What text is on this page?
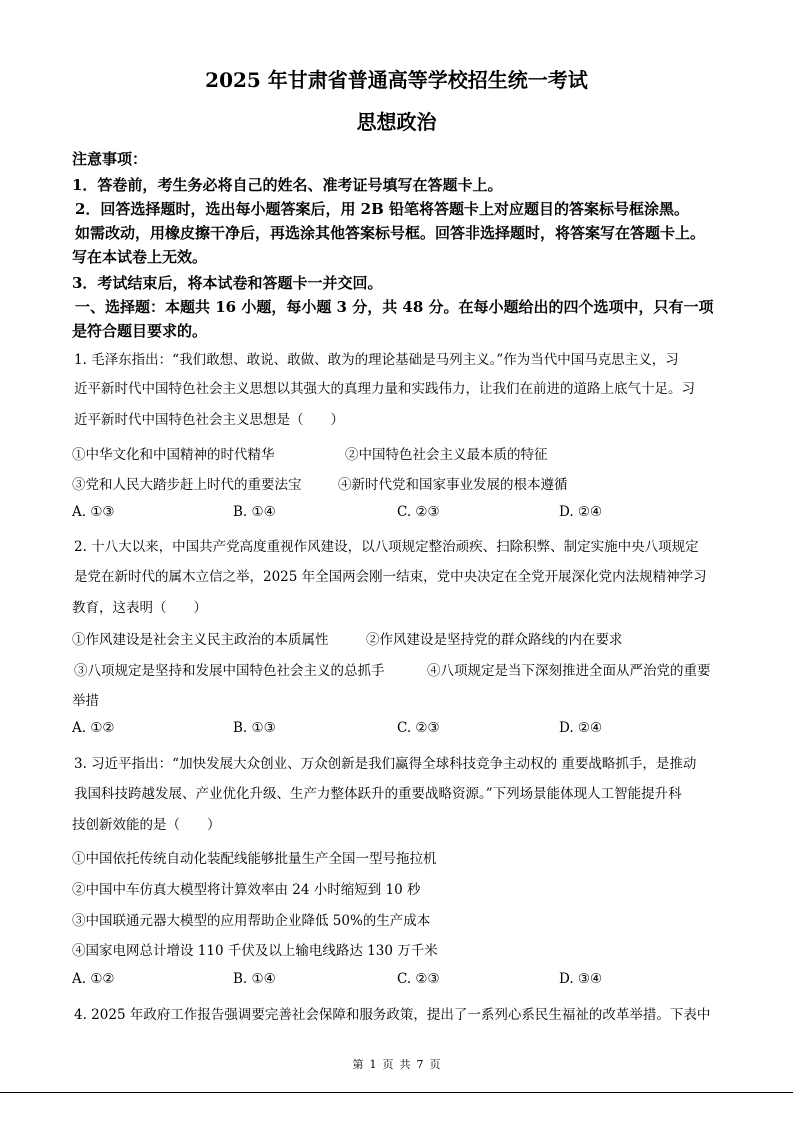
2025 年甘肃省普通高等学校招生统一考试
思想政治
注意事项：
1．答卷前，考生务必将自己的姓名、准考证号填写在答题卡上。
2．回答选择题时，选出每小题答案后，用 2B 铅笔将答题卡上对应题目的答案标号框涂黑。
如需改动，用橡皮擦干净后，再选涂其他答案标号框。回答非选择题时，将答案写在答题卡上。
写在本试卷上无效。
3．考试结束后，将本试卷和答题卡一并交回。
一、选择题：本题共 16 小题，每小题 3 分，共 48 分。在每小题给出的四个选项中，只有一项
是符合题目要求的。
1. 毛泽东指出：“我们敢想、敢说、敢做、敢为的理论基础是马列主义。”作为当代中国马克思主义，习
近平新时代中国特色社会主义思想以其强大的真理力量和实践伟力，让我们在前进的道路上底气十足。习
近平新时代中国特色社会主义思想是（　　）
①中华文化和中国精神的时代精华	②中国特色社会主义最本质的特征
③党和人民大踏步赶上时代的重要法宝	④新时代党和国家事业发展的根本遵循
A. ①③	B. ①④	C. ②③	D. ②④
2. 十八大以来，中国共产党高度重视作风建设，以八项规定整治顽疾、扫除积弊、制定实施中央八项规定
是党在新时代的属木立信之举，2025 年全国两会刚一结束，党中央决定在全党开展深化党内法规精神学习
教育，这表明（　　）
①作风建设是社会主义民主政治的本质属性	②作风建设是坚持党的群众路线的内在要求
③八项规定是坚持和发展中国特色社会主义的总抓手	④八项规定是当下深刻推进全面从严治党的重要
举措
A. ①②	B. ①③	C. ②③	D. ②④
3. 习近平指出：“加快发展大众创业、万众创新是我们赢得全球科技竞争主动权的 重要战略抓手，是推动
我国科技跨越发展、产业优化升级、生产力整体跃升的重要战略资源。”下列场景能体现人工智能提升科
技创新效能的是（　　）
①中国依托传统自动化装配线能够批量生产全国一型号拖拉机
②中国中车仿真大模型将计算效率由 24 小时缩短到 10 秒
③中国联通元器大模型的应用帮助企业降低 50%的生产成本
④国家电网总计增设 110 千伏及以上输电线路达 130 万千米
A. ①②	B. ①④	C. ②③	D. ③④
4. 2025 年政府工作报告强调要完善社会保障和服务政策，提出了一系列心系民生福祉的改革举措。下表中
第 1 页 共 7 页
